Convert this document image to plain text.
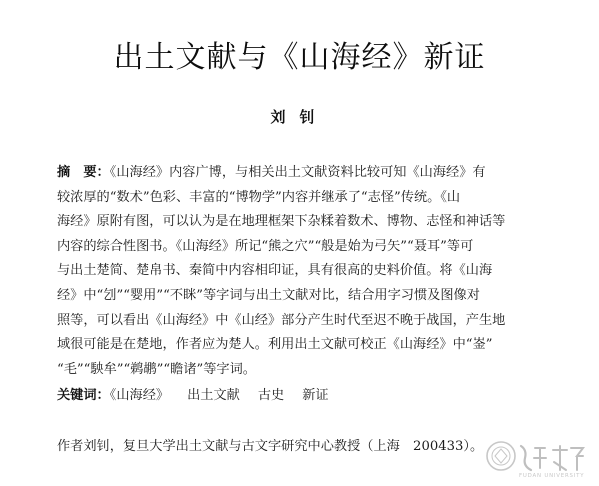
出土文献与《山海经》新证
刘钊
摘　要：《山海经》内容广博，与相关出土文献资料比较可知《山海经》有
较浓厚的“数术”色彩、丰富的“博物学”内容并继承了“志怪”传统。《山
海经》原附有图，可以认为是在地理框架下杂糅着数术、博物、志怪和神话等
内容的综合性图书。《山海经》所记“熊之穴”“般是始为弓矢”“聂耳”等可
与出土楚简、楚帛书、秦简中内容相印证，具有很高的史料价值。将《山海
经》中“刉”“婴用”“不眯”等字词与出土文献对比，结合用字习惯及图像对
照等，可以看出《山海经》中《山经》部分产生时代至迟不晚于战国，产生地
域很可能是在楚地，作者应为楚人。利用出土文献可校正《山海经》中“崟”
“毛”“駚牟”“鹈鹕”“瞻诸”等字词。
关键词：《山海经》 出土文献 古史 新证
作者刘钊，复旦大学出土文献与古文字研究中心教授（上海　200433）。
FUDAN UNIVERSITY
